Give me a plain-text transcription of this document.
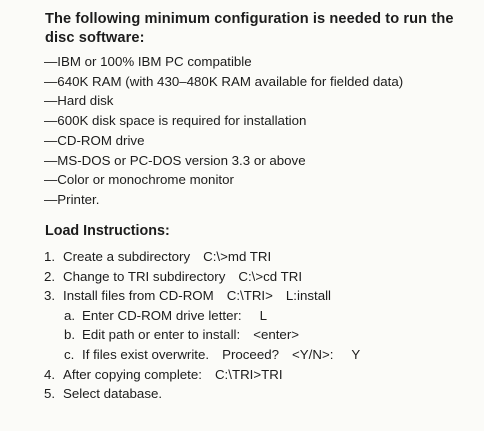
The following minimum configuration is needed to run the disc software:
—IBM or 100% IBM PC compatible
—640K RAM (with 430–480K RAM available for fielded data)
—Hard disk
—600K disk space is required for installation
—CD-ROM drive
—MS-DOS or PC-DOS version 3.3 or above
—Color or monochrome monitor
—Printer.
Load Instructions:
1. Create a subdirectory C:\>md TRI
2. Change to TRI subdirectory C:\>cd TRI
3. Install files from CD-ROM C:\TRI> L:install
a. Enter CD-ROM drive letter: L
b. Edit path or enter to install: <enter>
c. If files exist overwrite. Proceed? <Y/N>: Y
4. After copying complete: C:\TRI>TRI
5. Select database.
